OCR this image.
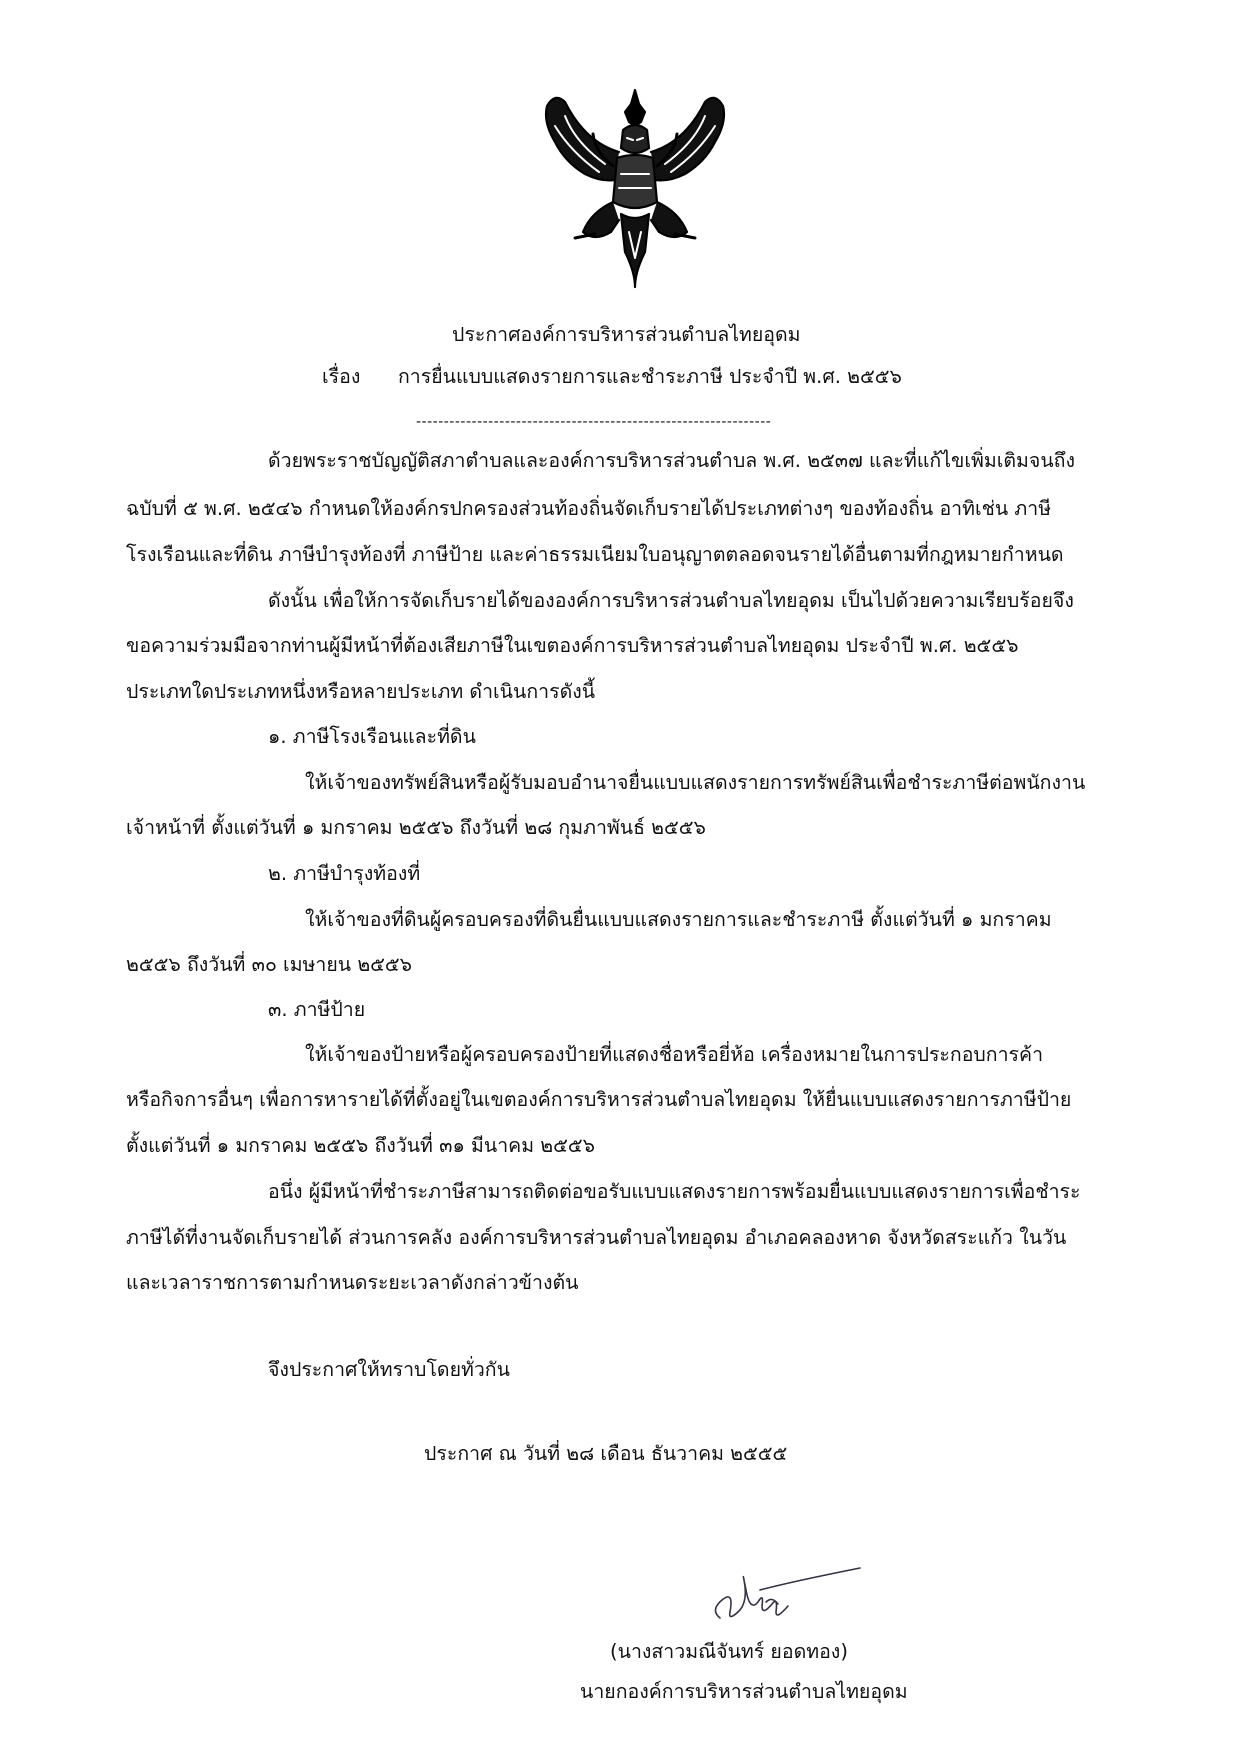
ประกาศองค์การบริหารส่วนตำบลไทยอุดม
เรื่อง การยื่นแบบแสดงรายการและชำระภาษี ประจำปี พ.ศ. ๒๕๕๖
----------------------------------------------------------------
ด้วยพระราชบัญญัติสภาตำบลและองค์การบริหารส่วนตำบล พ.ศ. ๒๕๓๗ และที่แก้ไขเพิ่มเติมจนถึง
ฉบับที่ ๕ พ.ศ. ๒๕๔๖ กำหนดให้องค์กรปกครองส่วนท้องถิ่นจัดเก็บรายได้ประเภทต่างๆ ของท้องถิ่น อาทิเช่น ภาษี
โรงเรือนและที่ดิน ภาษีบำรุงท้องที่ ภาษีป้าย และค่าธรรมเนียมใบอนุญาตตลอดจนรายได้อื่นตามที่กฎหมายกำหนด
ดังนั้น เพื่อให้การจัดเก็บรายได้ขององค์การบริหารส่วนตำบลไทยอุดม เป็นไปด้วยความเรียบร้อยจึง
ขอความร่วมมือจากท่านผู้มีหน้าที่ต้องเสียภาษีในเขตองค์การบริหารส่วนตำบลไทยอุดม ประจำปี พ.ศ. ๒๕๕๖
ประเภทใดประเภทหนึ่งหรือหลายประเภท ดำเนินการดังนี้
๑. ภาษีโรงเรือนและที่ดิน
ให้เจ้าของทรัพย์สินหรือผู้รับมอบอำนาจยื่นแบบแสดงรายการทรัพย์สินเพื่อชำระภาษีต่อพนักงาน
เจ้าหน้าที่ ตั้งแต่วันที่ ๑ มกราคม ๒๕๕๖ ถึงวันที่ ๒๘ กุมภาพันธ์ ๒๕๕๖
๒. ภาษีบำรุงท้องที่
ให้เจ้าของที่ดินผู้ครอบครองที่ดินยื่นแบบแสดงรายการและชำระภาษี ตั้งแต่วันที่ ๑ มกราคม
๒๕๕๖ ถึงวันที่ ๓๐ เมษายน ๒๕๕๖
๓. ภาษีป้าย
ให้เจ้าของป้ายหรือผู้ครอบครองป้ายที่แสดงชื่อหรือยี่ห้อ เครื่องหมายในการประกอบการค้า
หรือกิจการอื่นๆ เพื่อการหารายได้ที่ตั้งอยู่ในเขตองค์การบริหารส่วนตำบลไทยอุดม ให้ยื่นแบบแสดงรายการภาษีป้าย
ตั้งแต่วันที่ ๑ มกราคม ๒๕๕๖ ถึงวันที่ ๓๑ มีนาคม ๒๕๕๖
อนึ่ง ผู้มีหน้าที่ชำระภาษีสามารถติดต่อขอรับแบบแสดงรายการพร้อมยื่นแบบแสดงรายการเพื่อชำระ
ภาษีได้ที่งานจัดเก็บรายได้ ส่วนการคลัง องค์การบริหารส่วนตำบลไทยอุดม อำเภอคลองหาด จังหวัดสระแก้ว ในวัน
และเวลาราชการตามกำหนดระยะเวลาดังกล่าวข้างต้น
จึงประกาศให้ทราบโดยทั่วกัน
ประกาศ ณ วันที่ ๒๘ เดือน ธันวาคม ๒๕๕๕
(นางสาวมณีจันทร์ ยอดทอง)
นายกองค์การบริหารส่วนตำบลไทยอุดม
